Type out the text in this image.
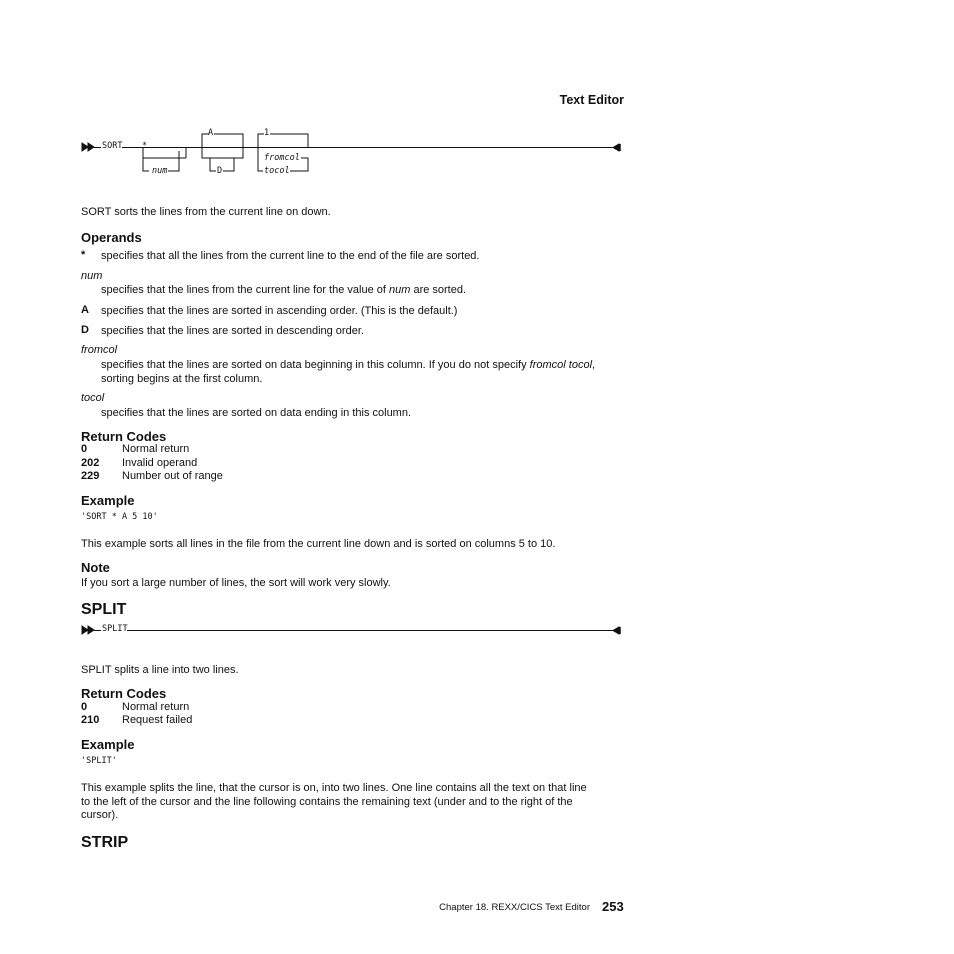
Text Editor
SORT *
num
A
D
1
fromcol
tocol
SORT sorts the lines from the current line on down.
Operands
* specifies that all the lines from the current line to the end of the file are sorted.
num
specifies that the lines from the current line for the value of num are sorted.
A specifies that the lines are sorted in ascending order. (This is the default.)
D specifies that the lines are sorted in descending order.
fromcol
specifies that the lines are sorted on data beginning in this column. If you do not specify fromcol tocol,
sorting begins at the first column.
tocol
specifies that the lines are sorted on data ending in this column.
Return Codes
0	Normal return
202 Invalid operand
229 Number out of range
Example
'SORT * A 5 10'
This example sorts all lines in the file from the current line down and is sorted on columns 5 to 10.
Note
If you sort a large number of lines, the sort will work very slowly.
SPLIT
SPLIT
SPLIT splits a line into two lines.
Return Codes
0	Normal return
210 Request failed
Example
'SPLIT'
This example splits the line, that the cursor is on, into two lines. One line contains all the text on that line
to the left of the cursor and the line following contains the remaining text (under and to the right of the
cursor).
STRIP
Chapter 18. REXX/CICS Text Editor 253
